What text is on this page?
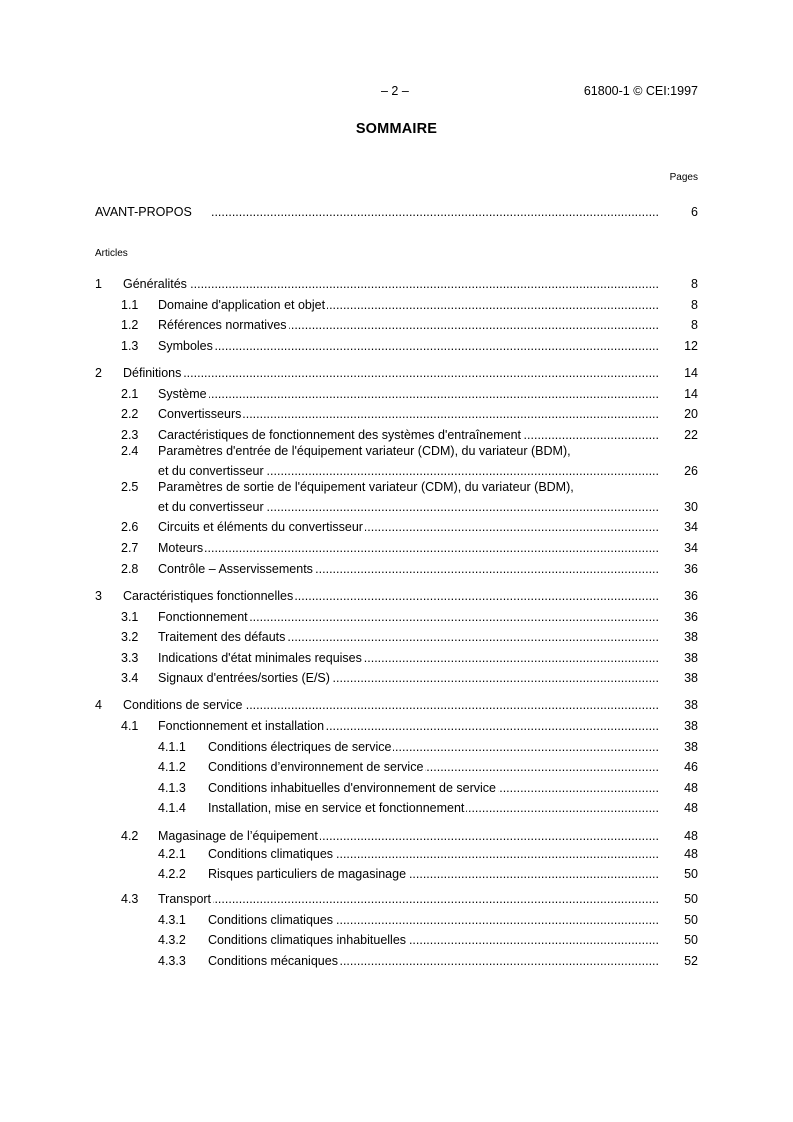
– 2 –	61800-1 © CEI:1997
SOMMAIRE
Pages
AVANT-PROPOS .....	6
Articles
1 Généralités .....	8
1.1 Domaine d'application et objet .....	8
1.2 Références normatives .....	8
1.3 Symboles .....	12
2 Définitions .....	14
2.1 Système .....	14
2.2 Convertisseurs .....	20
2.3 Caractéristiques de fonctionnement des systèmes d'entraînement .....	22
2.4 Paramètres d'entrée de l'équipement variateur (CDM), du variateur (BDM),
et du convertisseur .....	26
2.5 Paramètres de sortie de l'équipement variateur (CDM), du variateur (BDM),
et du convertisseur .....	30
2.6 Circuits et éléments du convertisseur .....	34
2.7 Moteurs .....	34
2.8 Contrôle – Asservissements .....	36
3 Caractéristiques fonctionnelles .....	36
3.1 Fonctionnement .....	36
3.2 Traitement des défauts .....	38
3.3 Indications d'état minimales requises .....	38
3.4 Signaux d'entrées/sorties (E/S) .....	38
4 Conditions de service .....	38
4.1 Fonctionnement et installation .....	38
4.1.1 Conditions électriques de service .....	38
4.1.2 Conditions d’environnement de service .....	46
4.1.3 Conditions inhabituelles d'environnement de service .....	48
4.1.4 Installation, mise en service et fonctionnement .....	48
4.2 Magasinage de l’équipement .....	48
4.2.1 Conditions climatiques .....	48
4.2.2 Risques particuliers de magasinage .....	50
4.3 Transport .....	50
4.3.1 Conditions climatiques .....	50
4.3.2 Conditions climatiques inhabituelles .....	50
4.3.3 Conditions mécaniques .....	52
